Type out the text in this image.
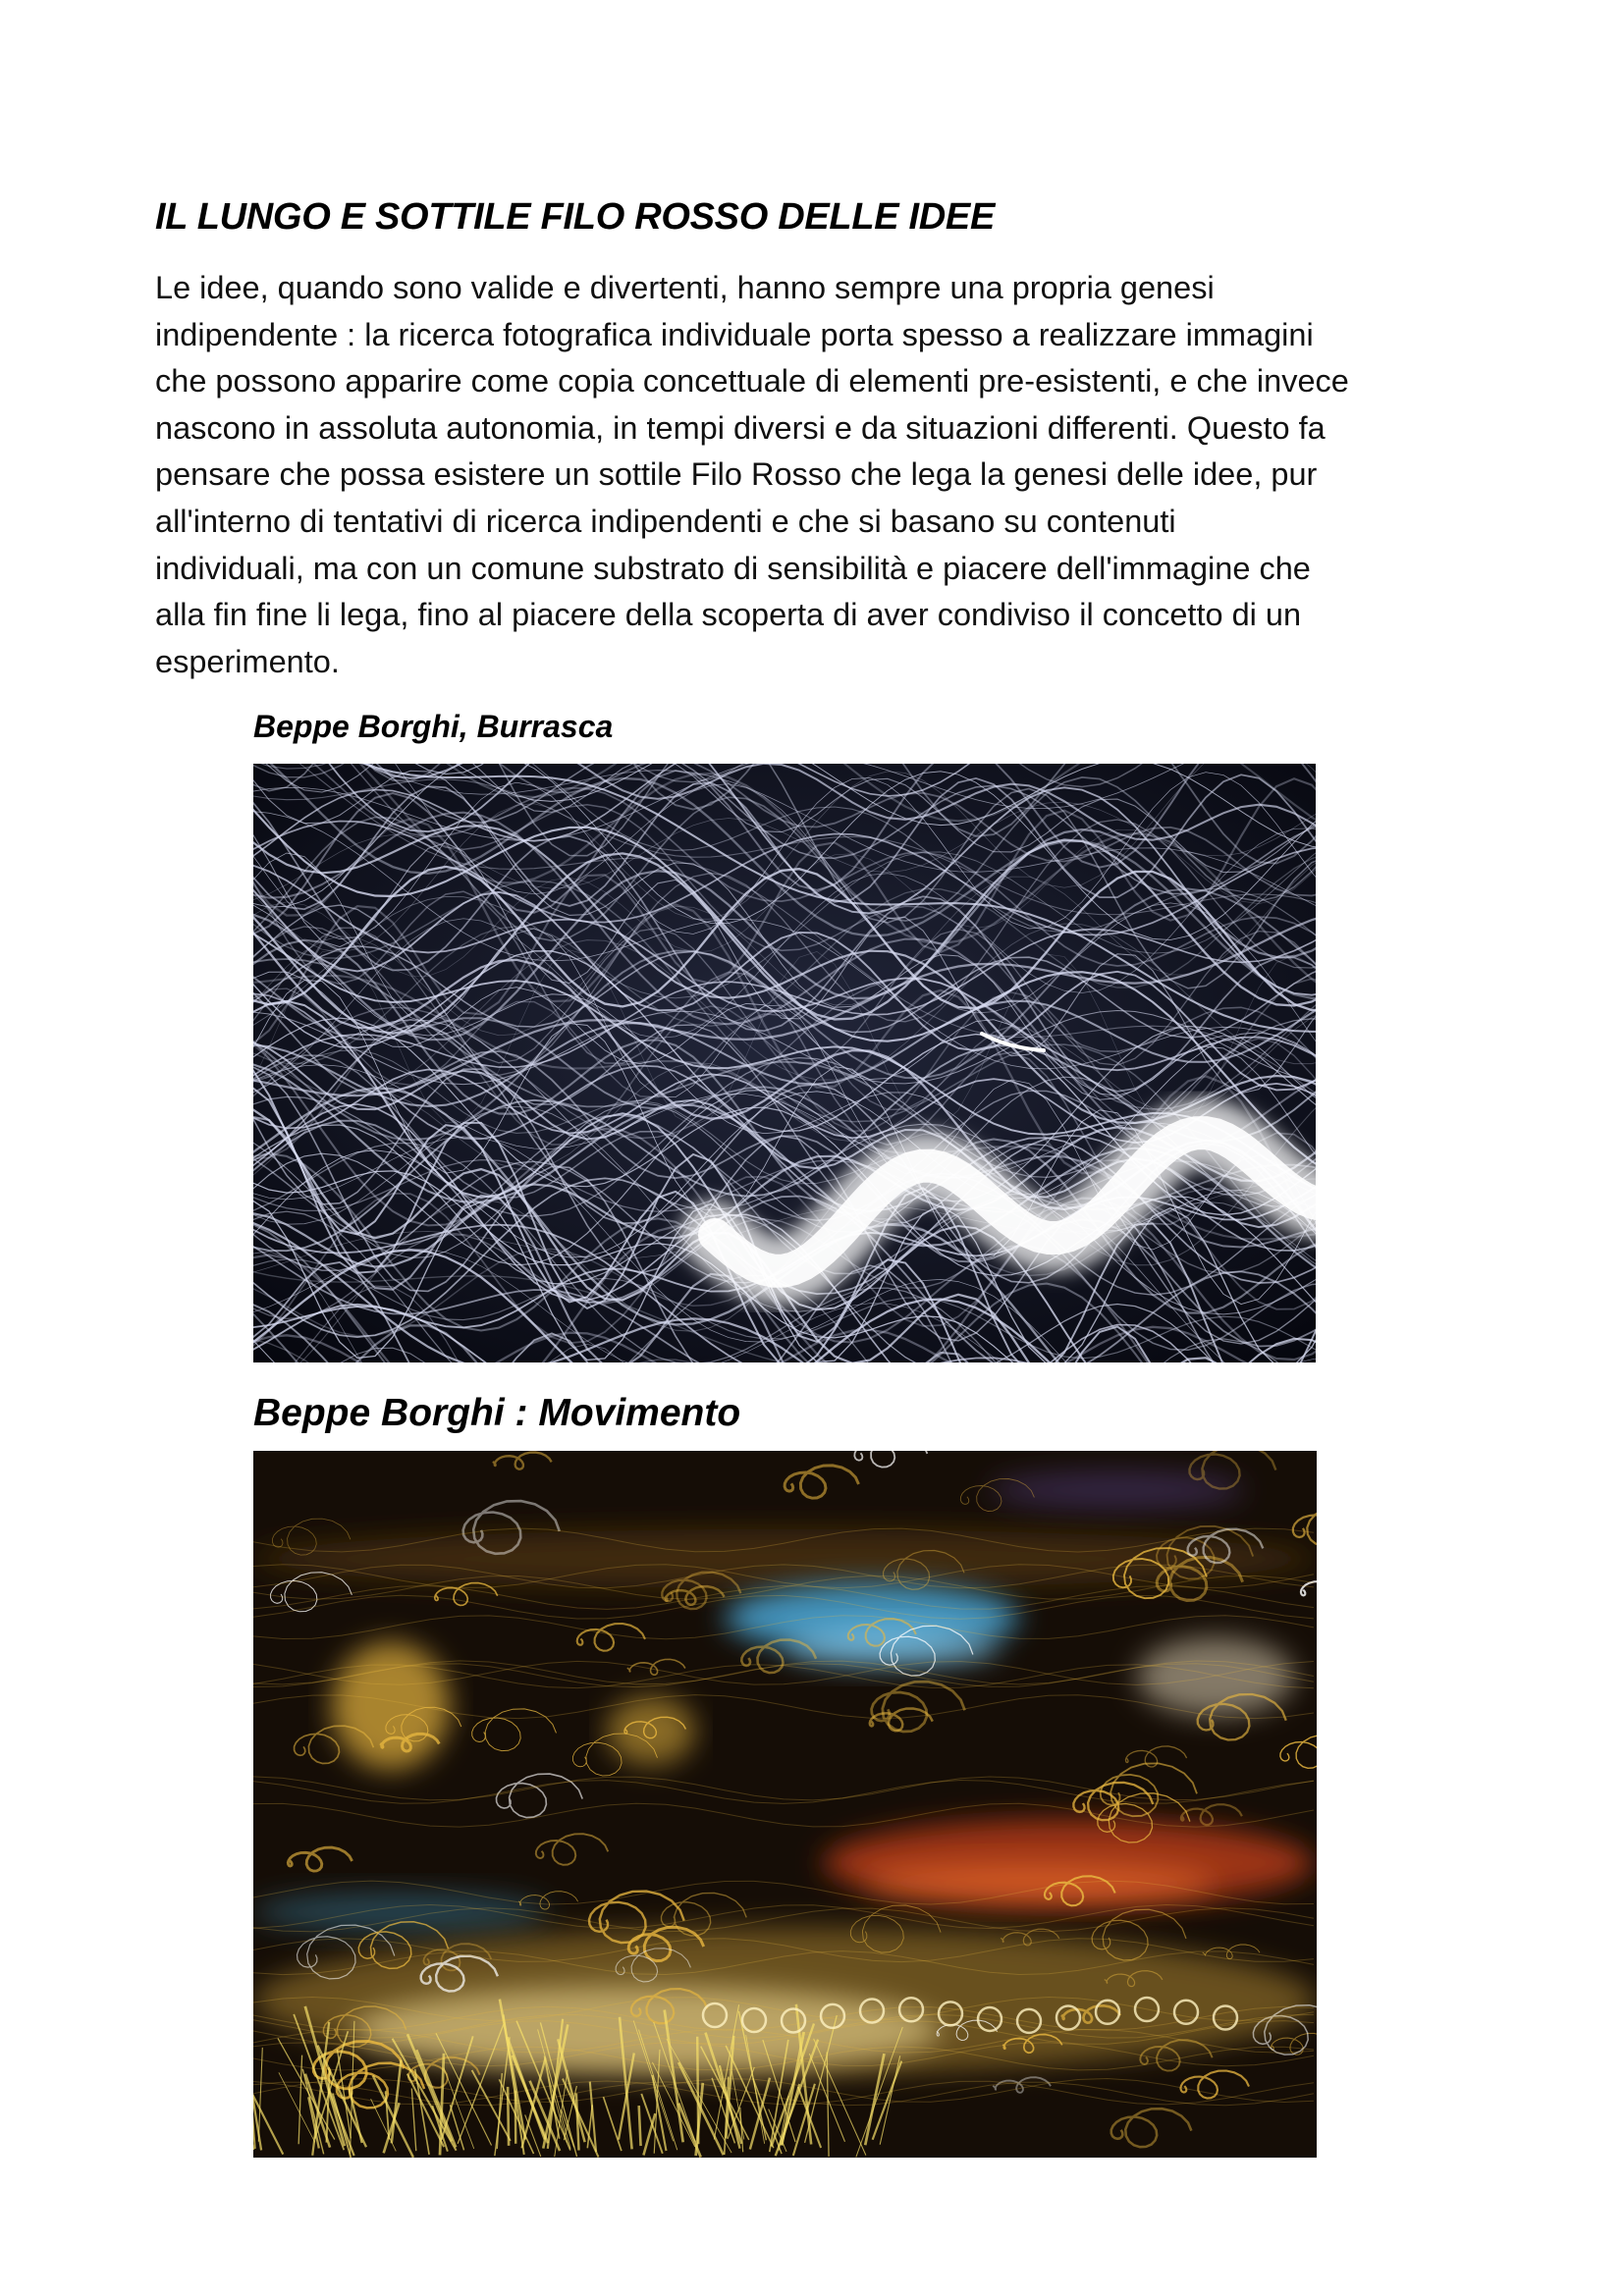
IL LUNGO E SOTTILE FILO ROSSO DELLE IDEE

Le idee, quando sono valide e divertenti, hanno sempre una propria genesi
indipendente : la ricerca fotografica individuale porta spesso a realizzare immagini
che possono apparire come copia concettuale di elementi pre-esistenti, e che invece
nascono in assoluta autonomia, in tempi diversi e da situazioni differenti. Questo fa
pensare che possa esistere un sottile Filo Rosso che lega la genesi delle idee, pur
all'interno di tentativi di ricerca indipendenti e che si basano su contenuti
individuali, ma con un comune substrato di sensibilità e piacere dell'immagine che
alla fin fine li lega, fino al piacere della scoperta di aver condiviso il concetto di un
esperimento.

Beppe Borghi, Burrasca

Beppe Borghi : Movimento
